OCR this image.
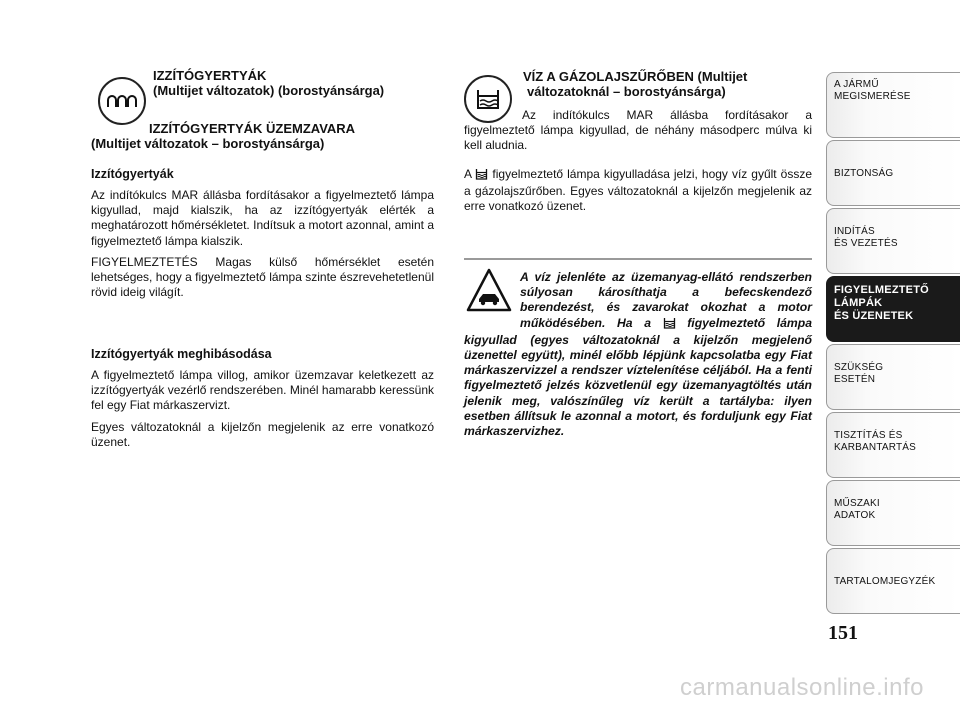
IZZÍTÓGYERTYÁK
(Multijet változatok) (borostyánsárga)
IZZÍTÓGYERTYÁK ÜZEMZAVARA
(Multijet változatok – borostyánsárga)
Izzítógyertyák

Az indítókulcs MAR állásba fordításakor a figyelmeztető lámpa kigyullad, majd kialszik, ha az izzítógyertyák elérték a meghatározott hőmérsékletet. Indítsuk a motort azonnal, amint a figyelmeztető lámpa kialszik.

FIGYELMEZTETÉS Magas külső hőmérséklet esetén lehetséges, hogy a figyelmeztető lámpa szinte észrevehetetlenül rövid ideig világít.

Izzítógyertyák meghibásodása

A figyelmeztető lámpa villog, amikor üzemzavar keletkezett az izzítógyertyák vezérlő rendszerében. Minél hamarabb keressünk fel egy Fiat márkaszervizt.

Egyes változatoknál a kijelzőn megjelenik az erre vonatkozó üzenet.

VÍZ A GÁZOLAJSZŰRŐBEN (Multijet
változatoknál – borostyánsárga)
Az indítókulcs MAR állásba fordításakor a figyelmeztető lámpa kigyullad, de néhány másodperc múlva ki kell aludnia.
A figyelmeztető lámpa kigyulladása jelzi, hogy víz gyűlt össze a gázolajszűrőben. Egyes változatoknál a kijelzőn megjelenik az erre vonatkozó üzenet.
A víz jelenléte az üzemanyag-ellátó rendszerben súlyosan károsíthatja a befecskendező berendezést, és zavarokat okozhat a motor működésében. Ha a	figyelmeztető lámpa kigyullad (egyes változatoknál a kijelzőn megjelenő üzenettel együtt), minél előbb lépjünk kapcsolatba egy Fiat márkaszervizzel a rendszer víztelenítése céljából. Ha a fenti figyelmeztető jelzés közvetlenül egy üzemanyagtöltés után jelenik meg, valószínűleg víz került a tartályba: ilyen esetben állítsuk le azonnal a motort, és forduljunk egy Fiat márkaszervizhez.
A JÁRMŰ
MEGISMERÉSE
BIZTONSÁG
INDÍTÁS
ÉS VEZETÉS
FIGYELMEZTETŐ
LÁMPÁK
ÉS ÜZENETEK
SZÜKSÉG
ESETÉN
TISZTÍTÁS ÉS
KARBANTARTÁS
MŰSZAKI
ADATOK
TARTALOMJEGYZÉK
151
carmanualsonline.info
